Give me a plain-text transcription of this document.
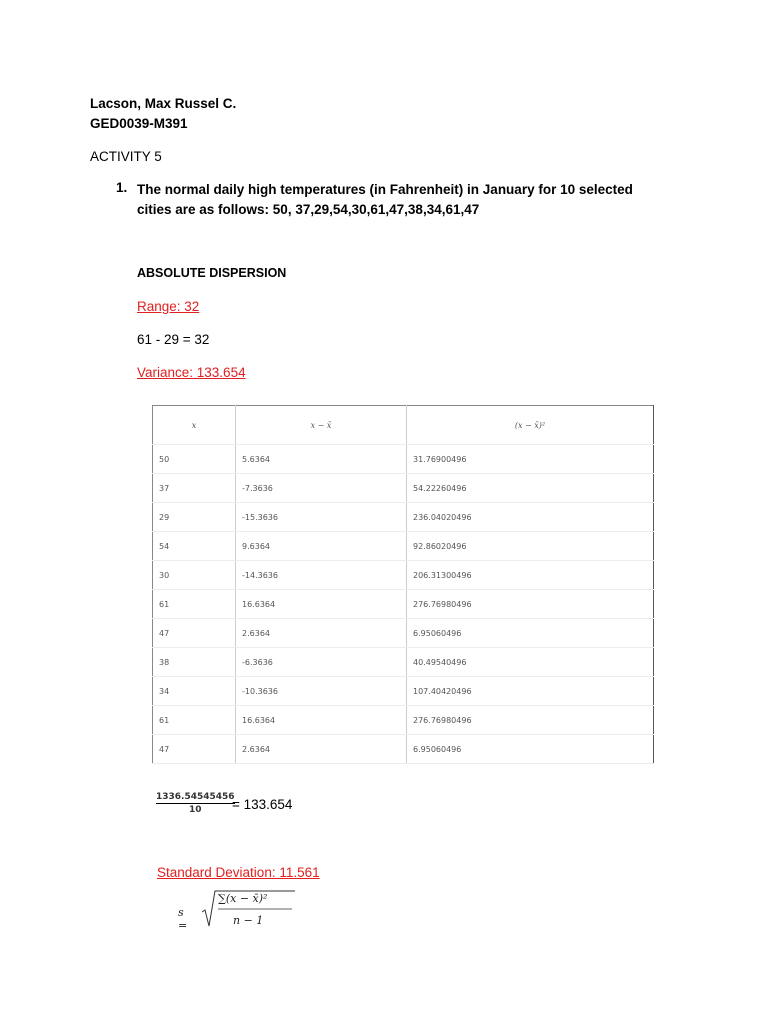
Lacson, Max Russel C.
GED0039-M391
ACTIVITY 5
1. The normal daily high temperatures (in Fahrenheit) in January for 10 selected cities are as follows: 50, 37,29,54,30,61,47,38,34,61,47
ABSOLUTE DISPERSION
Range: 32
61 - 29 = 32
Variance: 133.654
x	x − x̄	(x − x̄)²
50	5.6364	31.76900496
37	-7.3636	54.22260496
29	-15.3636	236.04020496
54	9.6364	92.86020496
30	-14.3636	206.31300496
61	16.6364	276.76980496
47	2.6364	6.95060496
38	-6.3636	40.49540496
34	-10.3636	107.40420496
61	16.6364	276.76980496
47	2.6364	6.95060496
1336.54545456
10	= 133.654
Standard Deviation: 11.561
s =
∑(x − x̄)²
n − 1
